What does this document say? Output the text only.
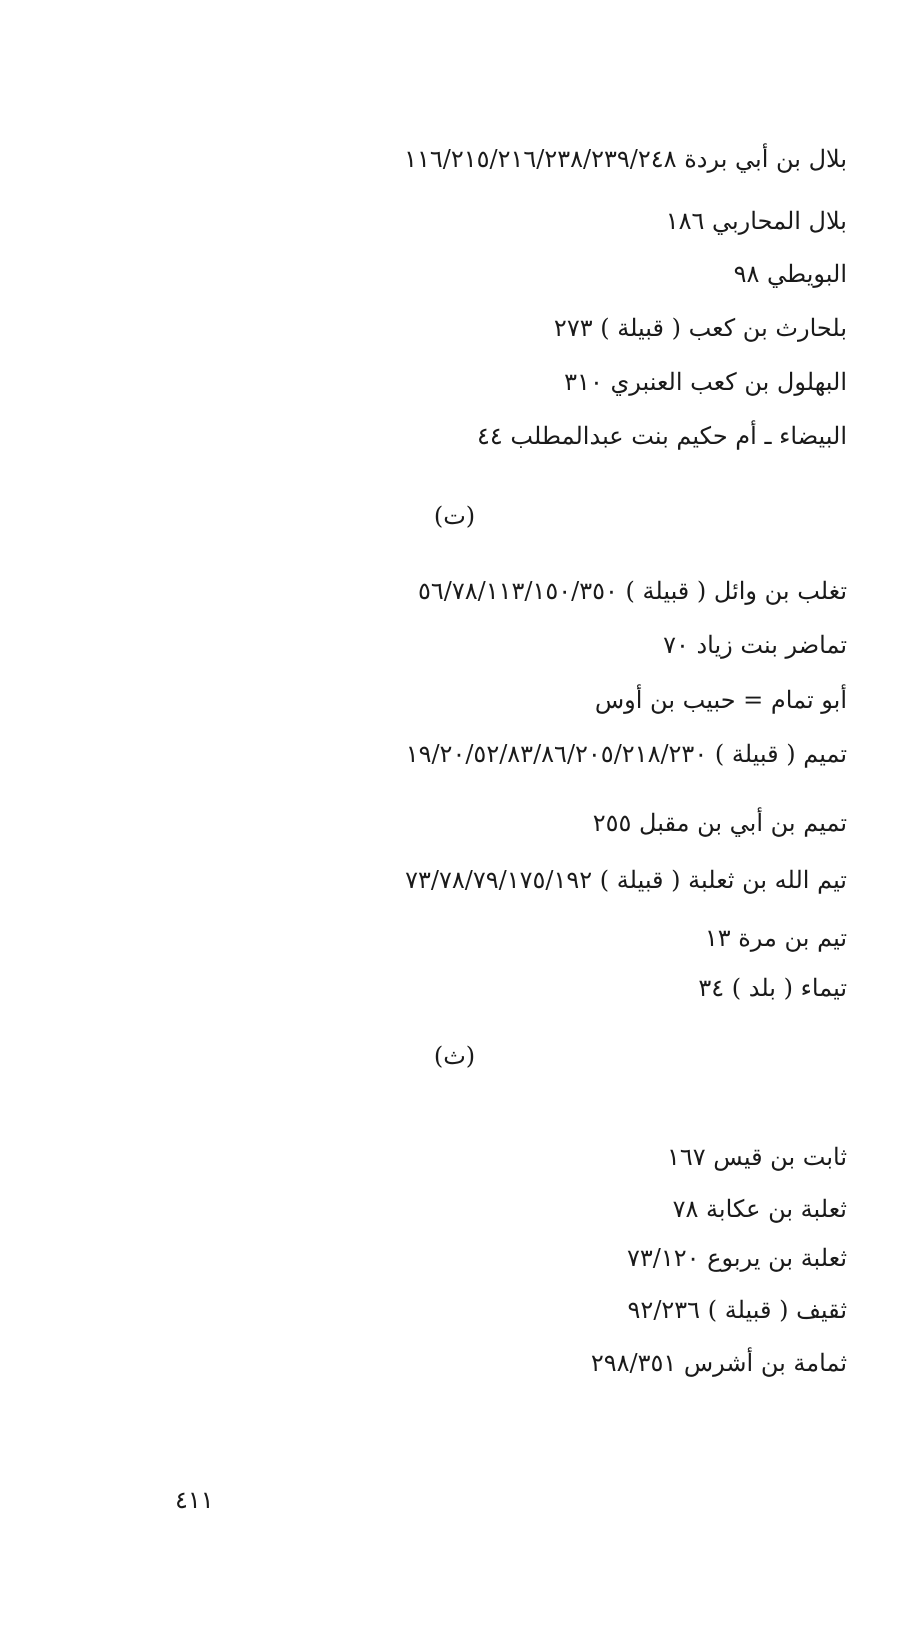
بلال بن أبي بردة ١١٦/٢١٥/٢١٦/٢٣٨/٢٣٩/٢٤٨
بلال المحاربي ١٨٦
البويطي ٩٨
بلحارث بن كعب ( قبيلة ) ٢٧٣
البهلول بن كعب العنبري ٣١٠
البيضاء ـ أم حكيم بنت عبدالمطلب ٤٤
(ت)
تغلب بن وائل ( قبيلة ) ٥٦/٧٨/١١٣/١٥٠/٣٥٠
تماضر بنت زياد ٧٠
أبو تمام = حبيب بن أوس
تميم ( قبيلة ) ١٩/٢٠/٥٢/٨٣/٨٦/٢٠٥/٢١٨/٢٣٠
تميم بن أبي بن مقبل ٢٥٥
تيم الله بن ثعلبة ( قبيلة ) ٧٣/٧٨/٧٩/١٧٥/١٩٢
تيم بن مرة ١٣
تيماء ( بلد ) ٣٤
(ث)
ثابت بن قيس ١٦٧
ثعلبة بن عكابة ٧٨
ثعلبة بن يربوع ٧٣/١٢٠
ثقيف ( قبيلة ) ٩٢/٢٣٦
ثمامة بن أشرس ٢٩٨/٣٥١
٤١١
